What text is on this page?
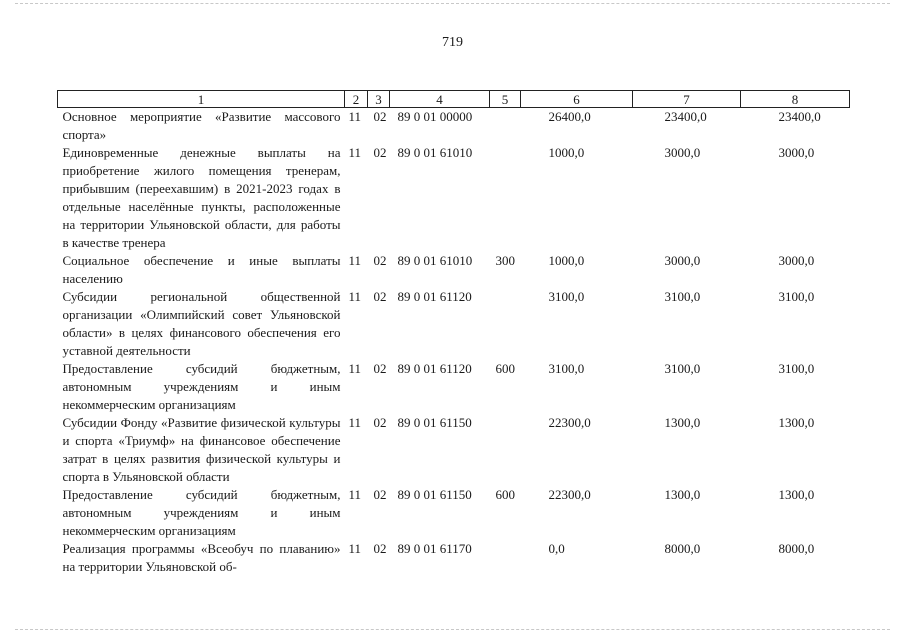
719
1	2	3	4	5	6	7	8
Основное мероприятие «Развитие массового спорта»	11	02	89 0 01 00000		26400,0	23400,0	23400,0
Единовременные денежные выплаты на приобретение жилого помещения тренерам, прибывшим (переехавшим) в 2021-2023 годах в отдельные населённые пункты, расположенные на территории Ульяновской области, для работы в качестве тренера	11	02	89 0 01 61010		1000,0	3000,0	3000,0
Социальное обеспечение и иные выплаты населению	11	02	89 0 01 61010	300	1000,0	3000,0	3000,0
Субсидии региональной общественной организации «Олимпийский совет Ульяновской области» в целях финансового обеспечения его уставной деятельности	11	02	89 0 01 61120		3100,0	3100,0	3100,0
Предоставление субсидий бюджетным, автономным учреждениям и иным некоммерческим организациям	11	02	89 0 01 61120	600	3100,0	3100,0	3100,0
Субсидии Фонду «Развитие физической культуры и спорта «Триумф» на финансовое обеспечение затрат в целях развития физической культуры и спорта в Ульяновской области	11	02	89 0 01 61150		22300,0	1300,0	1300,0
Предоставление субсидий бюджетным, автономным учреждениям и иным некоммерческим организациям	11	02	89 0 01 61150	600	22300,0	1300,0	1300,0
Реализация программы «Всеобуч по плаванию» на территории Ульяновской об-	11	02	89 0 01 61170		0,0	8000,0	8000,0
